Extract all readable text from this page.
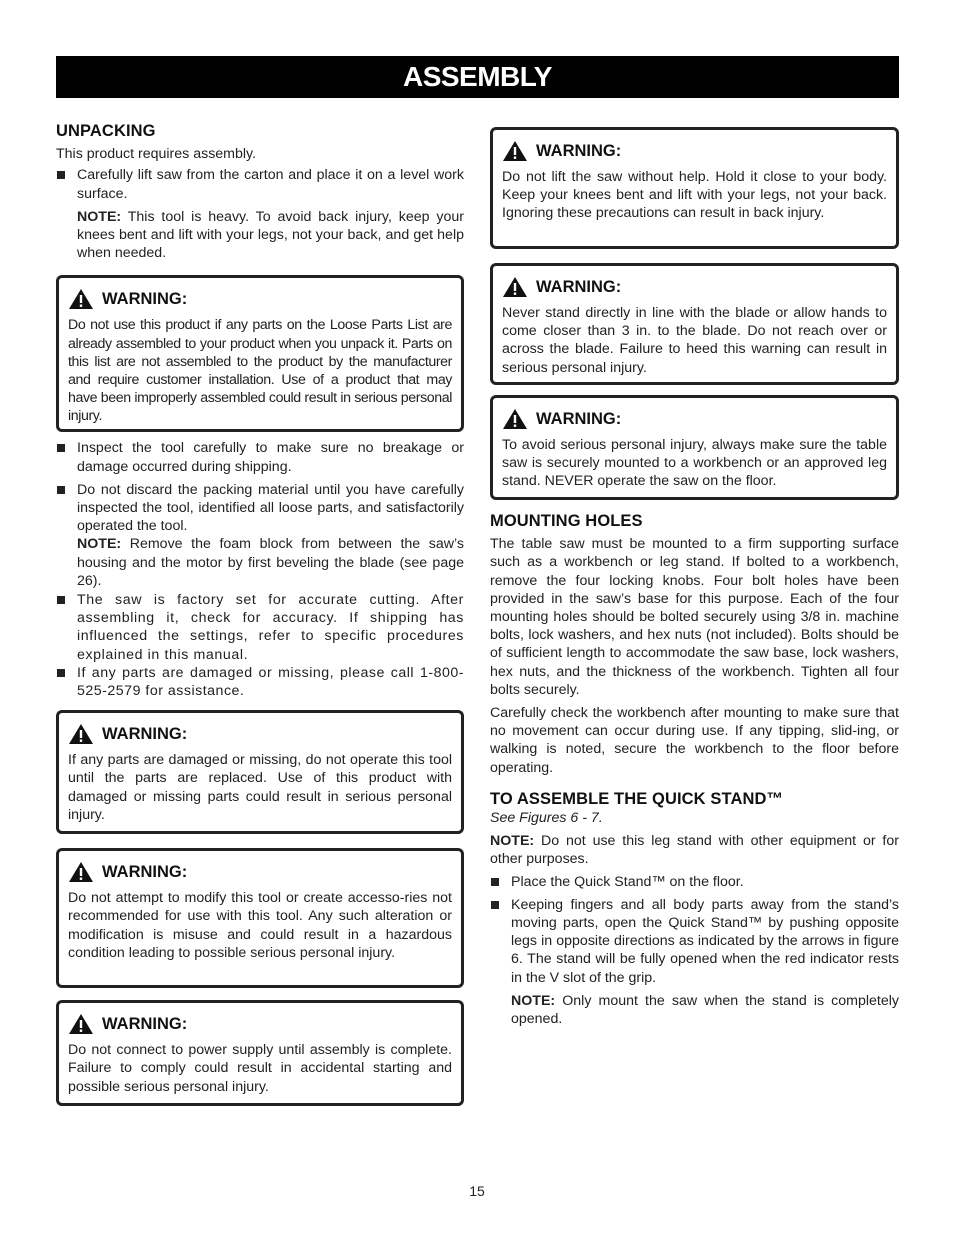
ASSEMBLY
UNPACKING

This product requires assembly.

Carefully lift saw from the carton and place it on a level work surface.

NOTE: This tool is heavy. To avoid back injury, keep your knees bent and lift with your legs, not your back, and get help when needed.

WARNING:

Do not use this product if any parts on the Loose Parts List are already assembled to your product when you unpack it. Parts on this list are not assembled to the product by the manufacturer and require customer installation. Use of a product that may have been improperly assembled could result in serious personal injury.

Inspect the tool carefully to make sure no breakage or damage occurred during shipping.
Do not discard the packing material until you have carefully inspected the tool, identified all loose parts, and satisfactorily operated the tool.

NOTE: Remove the foam block from between the saw’s housing and the motor by first beveling the blade (see page 26).

The saw is factory set for accurate cutting. After assembling it, check for accuracy. If shipping has influenced the settings, refer to specific procedures explained in this manual.
If any parts are damaged or missing, please call 1-800-525-2579 for assistance.
WARNING:

If any parts are damaged or missing, do not operate this tool until the parts are replaced. Use of this product with damaged or missing parts could result in serious personal injury.

WARNING:

Do not attempt to modify this tool or create accesso-ries not recommended for use with this tool. Any such alteration or modification is misuse and could result in a hazardous condition leading to possible serious personal injury.

WARNING:

Do not connect to power supply until assembly is complete. Failure to comply could result in accidental starting and possible serious personal injury.

WARNING:

Do not lift the saw without help. Hold it close to your body. Keep your knees bent and lift with your legs, not your back. Ignoring these precautions can result in back injury.

WARNING:

Never stand directly in line with the blade or allow hands to come closer than 3 in. to the blade. Do not reach over or across the blade. Failure to heed this warning can result in serious personal injury.

WARNING:

To avoid serious personal injury, always make sure the table saw is securely mounted to a workbench or an approved leg stand. NEVER operate the saw on the floor.

MOUNTING HOLES

The table saw must be mounted to a firm supporting surface such as a workbench or leg stand. If bolted to a workbench, remove the four locking knobs. Four bolt holes have been provided in the saw’s base for this purpose. Each of the four mounting holes should be bolted securely using 3/8 in. machine bolts, lock washers, and hex nuts (not included). Bolts should be of sufficient length to accommodate the saw base, lock washers, hex nuts, and the thickness of the workbench. Tighten all four bolts securely.

Carefully check the workbench after mounting to make sure that no movement can occur during use. If any tipping, slid-ing, or walking is noted, secure the workbench to the floor before operating.

TO ASSEMBLE THE QUICK STAND™

See Figures 6 - 7.

NOTE: Do not use this leg stand with other equipment or for other purposes.

Place the Quick Stand™ on the floor.
Keeping fingers and all body parts away from the stand’s moving parts, open the Quick Stand™ by pushing opposite legs in opposite directions as indicated by the arrows in figure 6. The stand will be fully opened when the red indicator rests in the V slot of the grip.

NOTE: Only mount the saw when the stand is completely opened.

15
